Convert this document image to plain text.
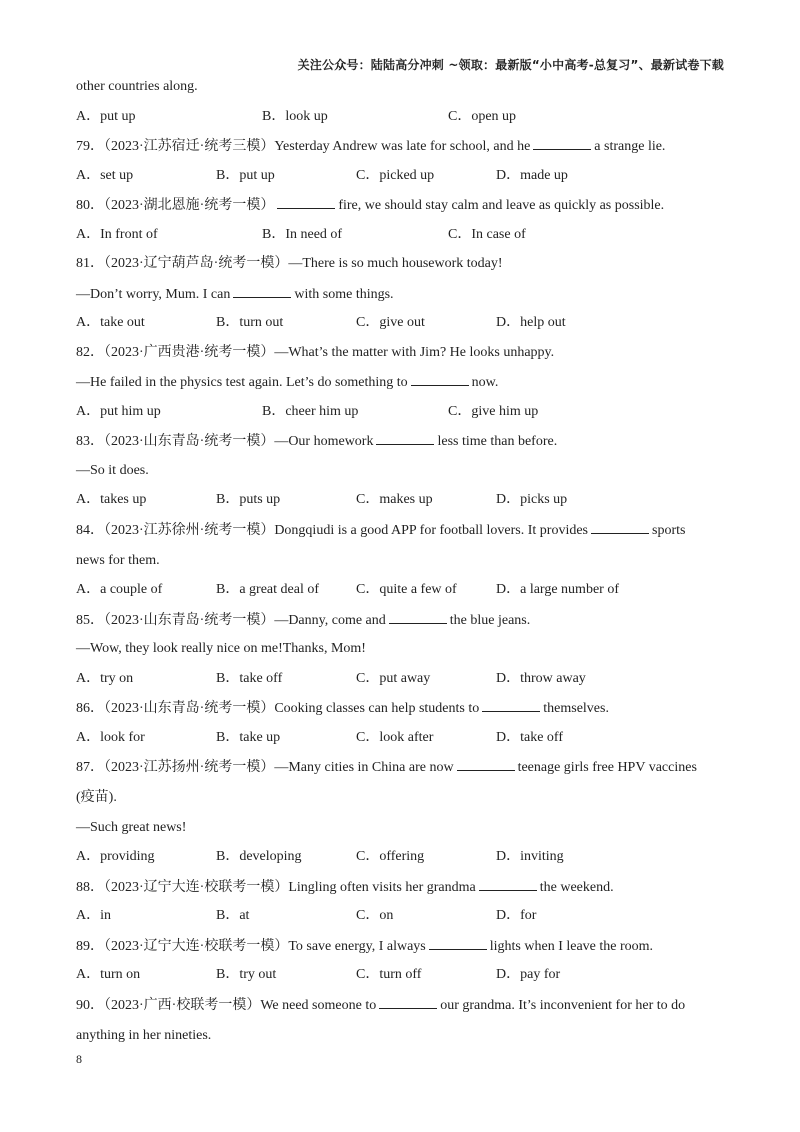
关注公众号：陆陆高分冲刺 ~领取：最新版“小中高考-总复习”、最新试卷下载
other countries along.
A．put up	B．look up	C．open up
79．（2023·江苏宿迁·统考三模）Yesterday Andrew was late for school, and he	a strange lie.
A．set up	B．put up	C．picked up	D．made up
80．（2023·湖北恩施·统考一模）	fire, we should stay calm and leave as quickly as possible.
A．In front of	B．In need of	C．In case of
81．（2023·辽宁葫芦岛·统考一模）—There is so much housework today!
—Don’t worry, Mum. I can	with some things.
A．take out	B．turn out	C．give out	D．help out
82．（2023·广西贵港·统考一模）—What’s the matter with Jim? He looks unhappy.
—He failed in the physics test again. Let’s do something to	now.
A．put him up	B．cheer him up	C．give him up
83．（2023·山东青岛·统考一模）—Our homework	less time than before.
—So it does.
A．takes up	B．puts up	C．makes up	D．picks up
84．（2023·江苏徐州·统考一模）Dongqiudi is a good APP for football lovers. It provides	sports
news for them.
A．a couple of	B．a great deal of	C．quite a few of	D．a large number of
85．（2023·山东青岛·统考一模）—Danny, come and	the blue jeans.
—Wow, they look really nice on me!Thanks, Mom!
A．try on	B．take off	C．put away	D．throw away
86．（2023·山东青岛·统考一模）Cooking classes can help students to	themselves.
A．look for	B．take up	C．look after	D．take off
87．（2023·江苏扬州·统考一模）—Many cities in China are now	teenage girls free HPV vaccines
(疫苗).
—Such great news!
A．providing	B．developing	C．offering	D．inviting
88．（2023·辽宁大连·校联考一模）Lingling often visits her grandma	the weekend.
A．in	B．at	C．on	D．for
89．（2023·辽宁大连·校联考一模）To save energy, I always	lights when I leave the room.
A．turn on	B．try out	C．turn off	D．pay for
90．（2023·广西·校联考一模）We need someone to	our grandma. It’s inconvenient for her to do
anything in her nineties.
8
